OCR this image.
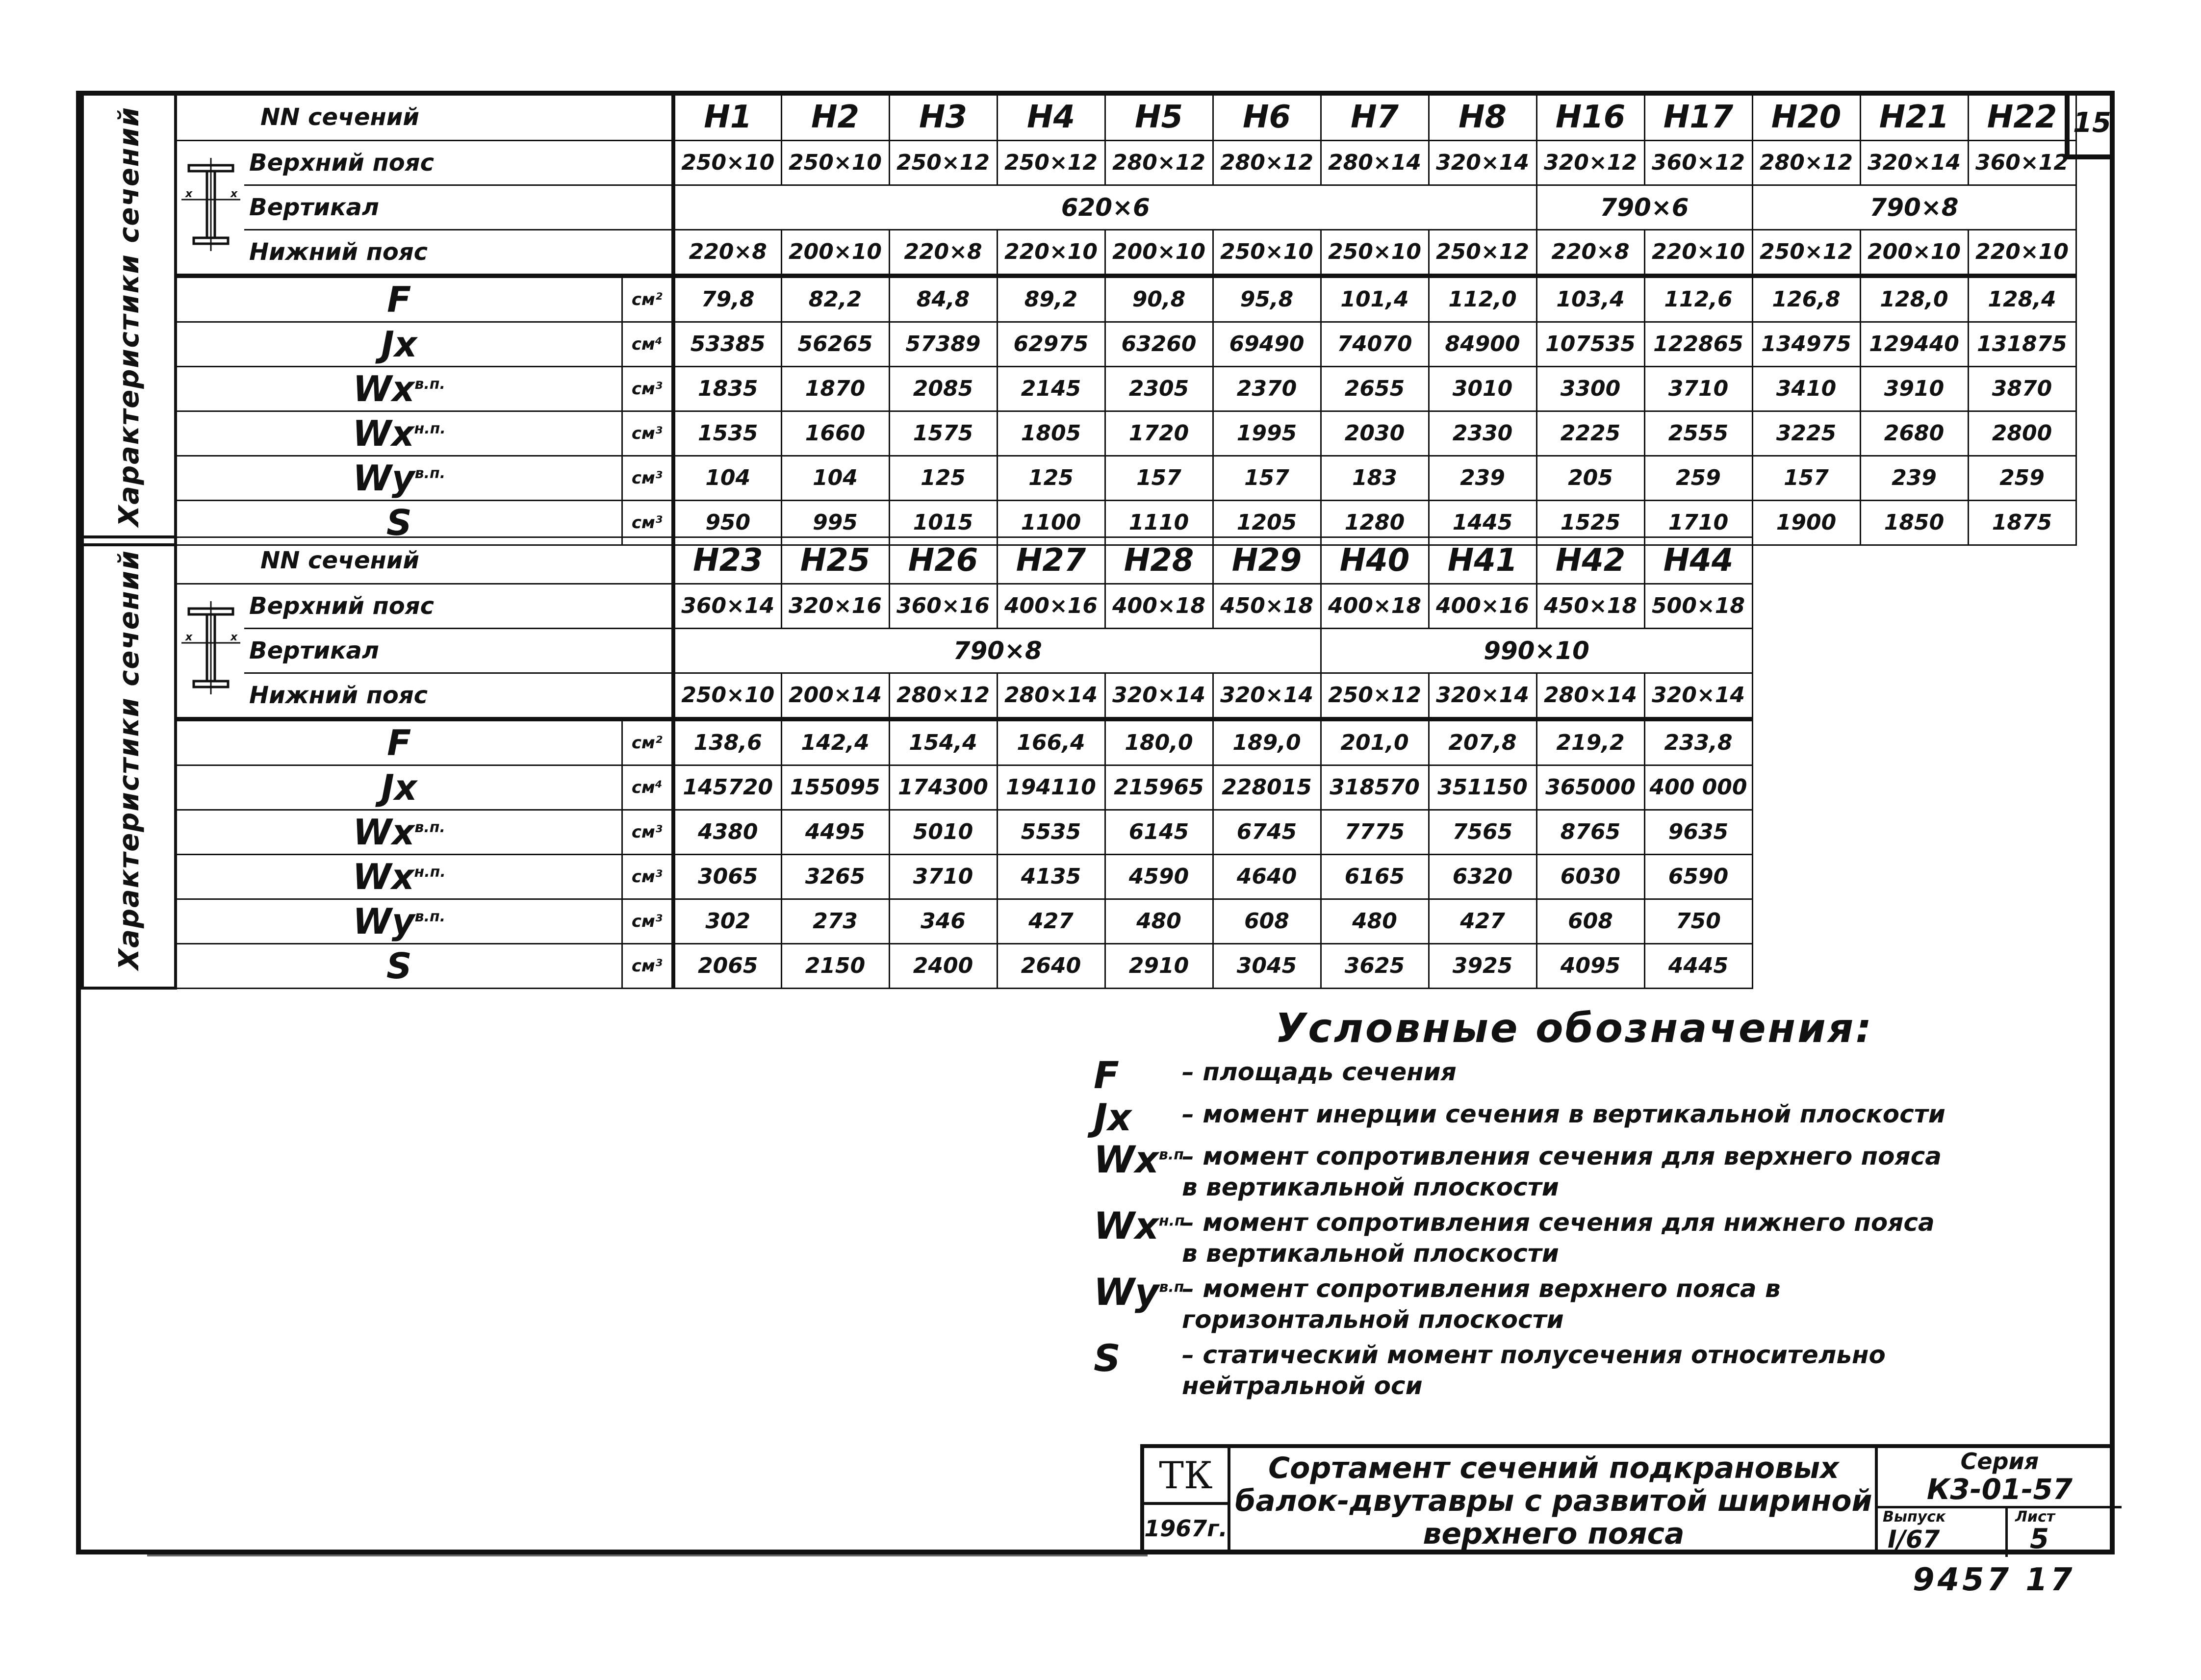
15
Характеристики сечений	NN сечений			H1	H2	H3	H4	H5	H6	H7	H8	H16	H17	H20	H21	H22

x x	Верхний пояс		250×10	250×10	250×12	250×12	280×12	280×12	280×14	320×14	320×12	360×12	280×12	320×14	360×12
		Вертикал		620×6								790×6		790×8		
		Нижний пояс		220×8	200×10	220×8	220×10	200×10	250×10	250×10	250×12	220×8	220×10	250×12	200×10	220×10
	F		см²	79,8	82,2	84,8	89,2	90,8	95,8	101,4	112,0	103,4	112,6	126,8	128,0	128,4
	Jx		см⁴	53385	56265	57389	62975	63260	69490	74070	84900	107535	122865	134975	129440	131875
	$Wx^{в.п.}$		см³	1835	1870	2085	2145	2305	2370	2655	3010	3300	3710	3410	3910	3870
	$Wx^{н.п.}$		см³	1535	1660	1575	1805	1720	1995	2030	2330	2225	2555	3225	2680	2800
	$Wy^{в.п.}$		см³	104	104	125	125	157	157	183	239	205	259	157	239	259
	S		см³	950	995	1015	1100	1110	1205	1280	1445	1525	1710	1900	1850	1875
Характеристики сечений	NN сечений			H23	H25	H26	H27	H28	H29	H40	H41	H42	H44

x x	Верхний пояс		360×14	320×16	360×16	400×16	400×18	450×18	400×18	400×16	450×18	500×18
		Вертикал		790×8						990×10			
		Нижний пояс		250×10	200×14	280×12	280×14	320×14	320×14	250×12	320×14	280×14	320×14
	F		см²	138,6	142,4	154,4	166,4	180,0	189,0	201,0	207,8	219,2	233,8
	Jx		см⁴	145720	155095	174300	194110	215965	228015	318570	351150	365000	400 000
	$Wx^{в.п.}$		см³	4380	4495	5010	5535	6145	6745	7775	7565	8765	9635
	$Wx^{н.п.}$		см³	3065	3265	3710	4135	4590	4640	6165	6320	6030	6590
	$Wy^{в.п.}$		см³	302	273	346	427	480	608	480	427	608	750
	S		см³	2065	2150	2400	2640	2910	3045	3625	3925	4095	4445
Условные обозначения:
F	– площадь сечения
Jx	– момент инерции сечения в вертикальной плоскости
$Wx^{в.п.}$
– момент сопротивления сечения для верхнего пояса в вертикальной плоскости
$Wx^{н.п.}$
– момент сопротивления сечения для нижнего пояса в вертикальной плоскости
$Wy^{в.п.}$
– момент сопротивления верхнего пояса в горизонтальной плоскости
S	– статический момент полусечения относительно нейтральной оси
ТК
1967г.
Сортамент сечений подкрановых балок-двутавры с развитой шириной верхнего пояса
Серия
К3-01-57
Выпуск	Лист
I/67	5
9457 17
